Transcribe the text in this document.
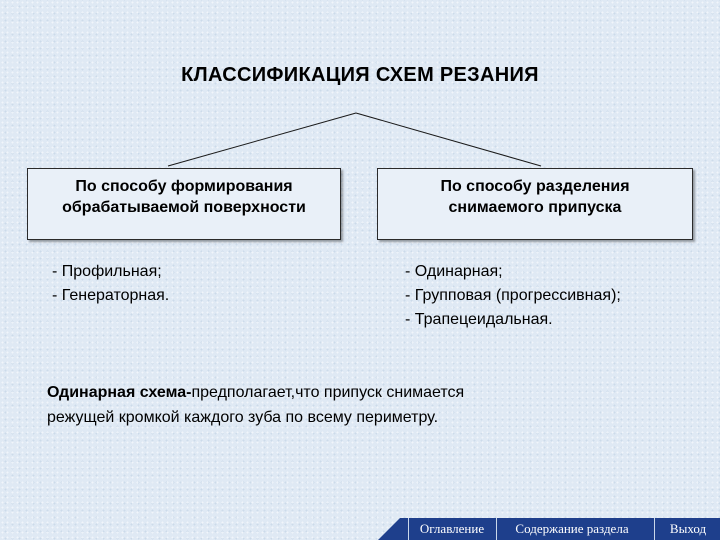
КЛАССИФИКАЦИЯ СХЕМ РЕЗАНИЯ
По способу формирования
обрабатываемой поверхности
По способу разделения
снимаемого припуска
- Профильная;
- Генераторная.
- Одинарная;
- Групповая (прогрессивная);
- Трапецеидальная.
Одинарная схема-предполагает,что припуск снимается
режущей кромкой каждого зуба по всему периметру.
Оглавление	Содержание раздела	Выход
